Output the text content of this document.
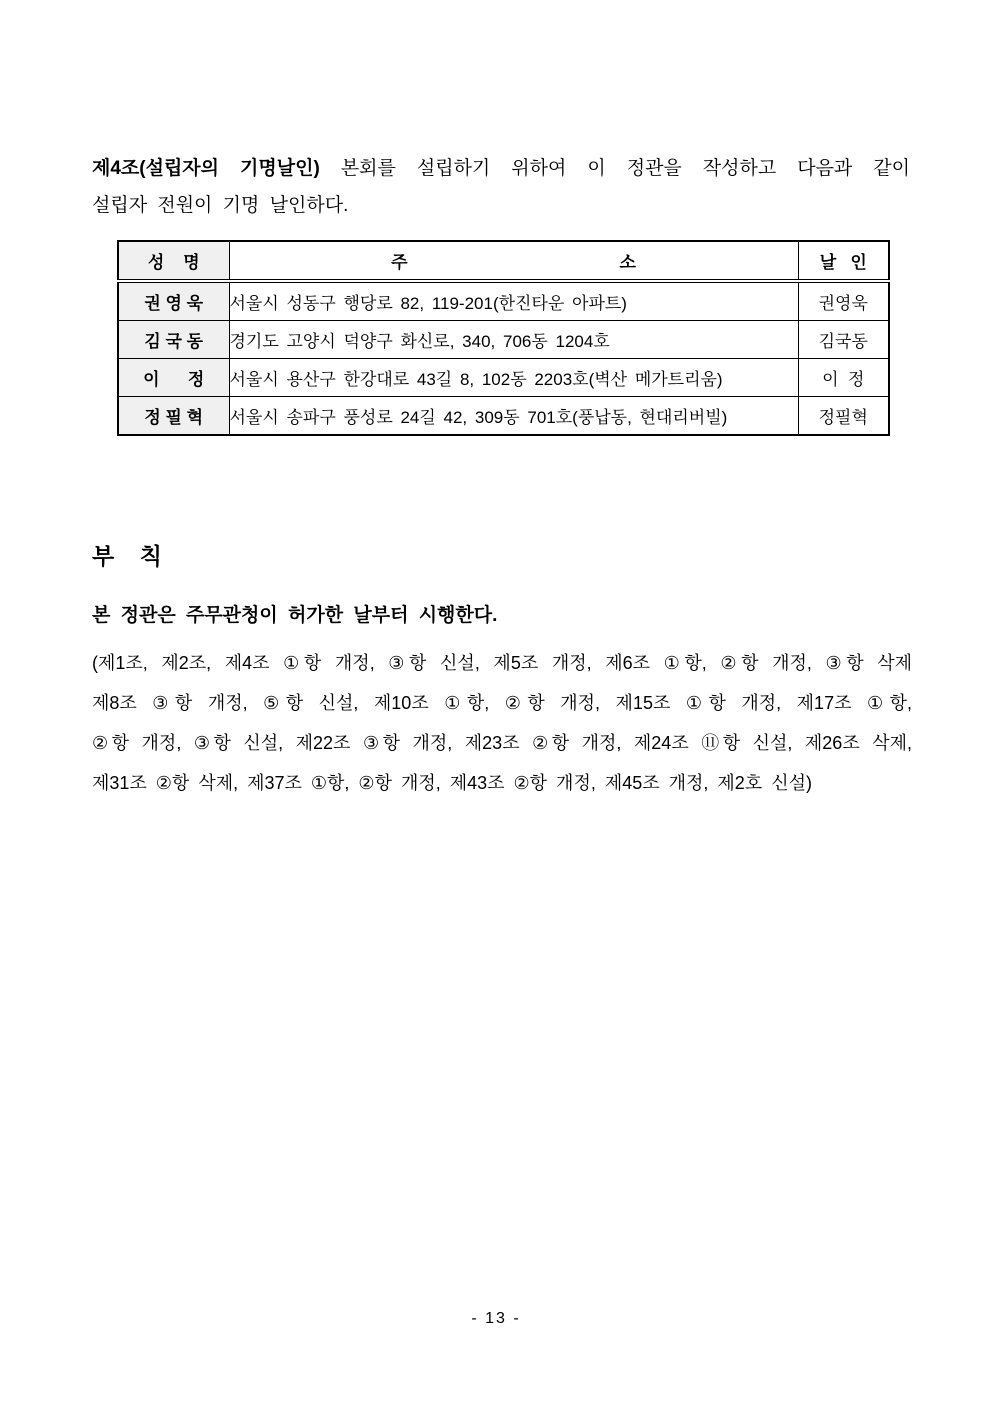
제4조(설립자의 기명날인) 본회를 설립하기 위하여 이 정관을 작성하고 다음과 같이
설립자 전원이 기명 날인하다.
성    명	주 소	날   인
권 영 욱	서울시 성동구 행당로 82, 119-201(한진타운 아파트)	권영욱
김 국 동	경기도 고양시 덕양구 화신로, 340, 706동 1204호	김국동
이      정	서울시 용산구 한강대로 43길 8, 102동 2203호(벽산 메가트리움)	이  정
정 필 혁	서울시 송파구 풍성로 24길 42, 309동 701호(풍납동, 현대리버빌)	정필혁
부    칙
본 정관은 주무관청이 허가한 날부터 시행한다.
(제1조, 제2조, 제4조 ①항 개정, ③항 신설, 제5조 개정, 제6조 ①항, ②항 개정, ③항 삭제
제8조 ③항 개정, ⑤항 신설, 제10조 ①항, ②항 개정, 제15조 ①항 개정, 제17조 ①항,
②항 개정, ③항 신설, 제22조 ③항 개정, 제23조 ②항 개정, 제24조 ⑪항 신설, 제26조 삭제,
제31조 ②항 삭제, 제37조 ①항, ②항 개정, 제43조 ②항 개정, 제45조 개정, 제2호 신설)
- 13 -
